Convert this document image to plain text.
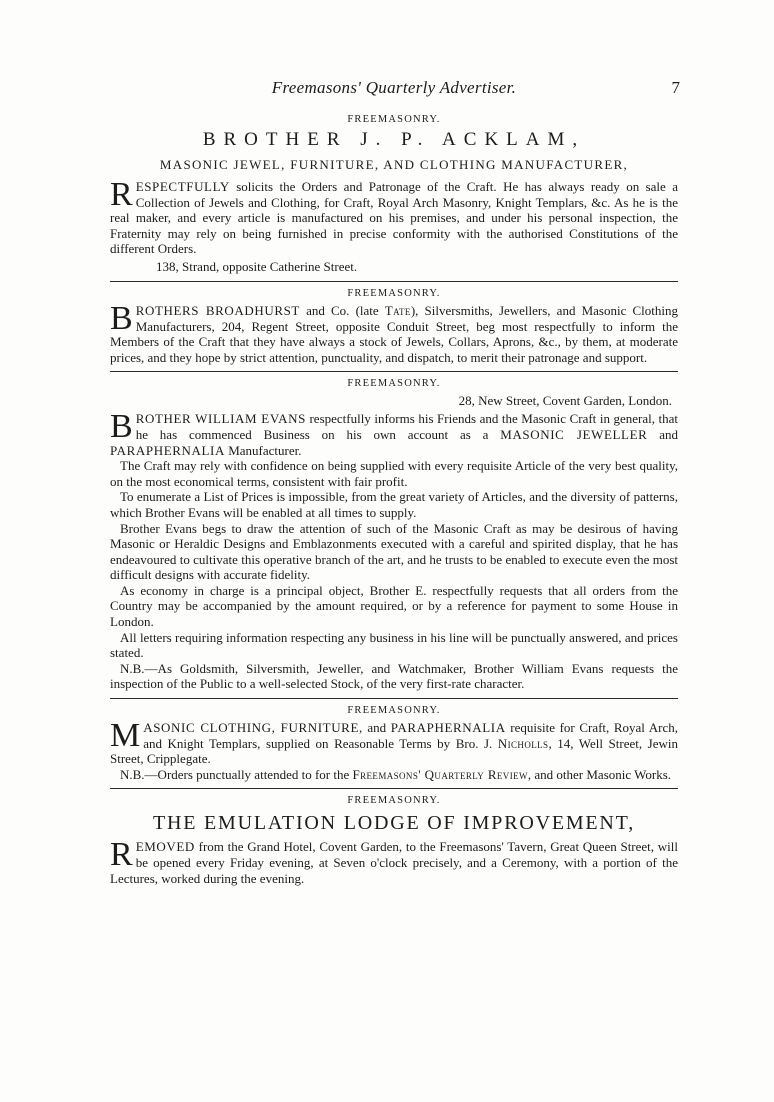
Freemasons' Quarterly Advertiser.	7
FREEMASONRY.
BROTHER J. P. ACKLAM,
MASONIC JEWEL, FURNITURE, AND CLOTHING MANUFACTURER,

RESPECTFULLY solicits the Orders and Patronage of the Craft. He has always ready on sale a Collection of Jewels and Clothing, for Craft, Royal Arch Masonry, Knight Templars, &c. As he is the real maker, and every article is manufactured on his premises, and under his personal inspection, the Fraternity may rely on being furnished in precise conformity with the authorised Constitutions of the different Orders.

138, Strand, opposite Catherine Street.
FREEMASONRY.

BROTHERS BROADHURST and Co. (late Tate), Silversmiths, Jewellers, and Masonic Clothing Manufacturers, 204, Regent Street, opposite Conduit Street, beg most respectfully to inform the Members of the Craft that they have always a stock of Jewels, Collars, Aprons, &c., by them, at moderate prices, and they hope by strict attention, punctuality, and dispatch, to merit their patronage and support.

FREEMASONRY.
28, New Street, Covent Garden, London.

BROTHER WILLIAM EVANS respectfully informs his Friends and the Masonic Craft in general, that he has commenced Business on his own account as a MASONIC JEWELLER and PARAPHERNALIA Manufacturer.

The Craft may rely with confidence on being supplied with every requisite Article of the very best quality, on the most economical terms, consistent with fair profit.

To enumerate a List of Prices is impossible, from the great variety of Articles, and the diversity of patterns, which Brother Evans will be enabled at all times to supply.

Brother Evans begs to draw the attention of such of the Masonic Craft as may be desirous of having Masonic or Heraldic Designs and Emblazonments executed with a careful and spirited display, that he has endeavoured to cultivate this operative branch of the art, and he trusts to be enabled to execute even the most difficult designs with accurate fidelity.

As economy in charge is a principal object, Brother E. respectfully requests that all orders from the Country may be accompanied by the amount required, or by a reference for payment to some House in London.

All letters requiring information respecting any business in his line will be punctually answered, and prices stated.

N.B.—As Goldsmith, Silversmith, Jeweller, and Watchmaker, Brother William Evans requests the inspection of the Public to a well-selected Stock, of the very first-rate character.

FREEMASONRY.

MASONIC CLOTHING, FURNITURE, and PARAPHERNALIA requisite for Craft, Royal Arch, and Knight Templars, supplied on Reasonable Terms by Bro. J. Nicholls, 14, Well Street, Jewin Street, Cripplegate.

N.B.—Orders punctually attended to for the Freemasons' Quarterly Review, and other Masonic Works.

FREEMASONRY.
THE EMULATION LODGE OF IMPROVEMENT,

REMOVED from the Grand Hotel, Covent Garden, to the Freemasons' Tavern, Great Queen Street, will be opened every Friday evening, at Seven o'clock precisely, and a Ceremony, with a portion of the Lectures, worked during the evening.
